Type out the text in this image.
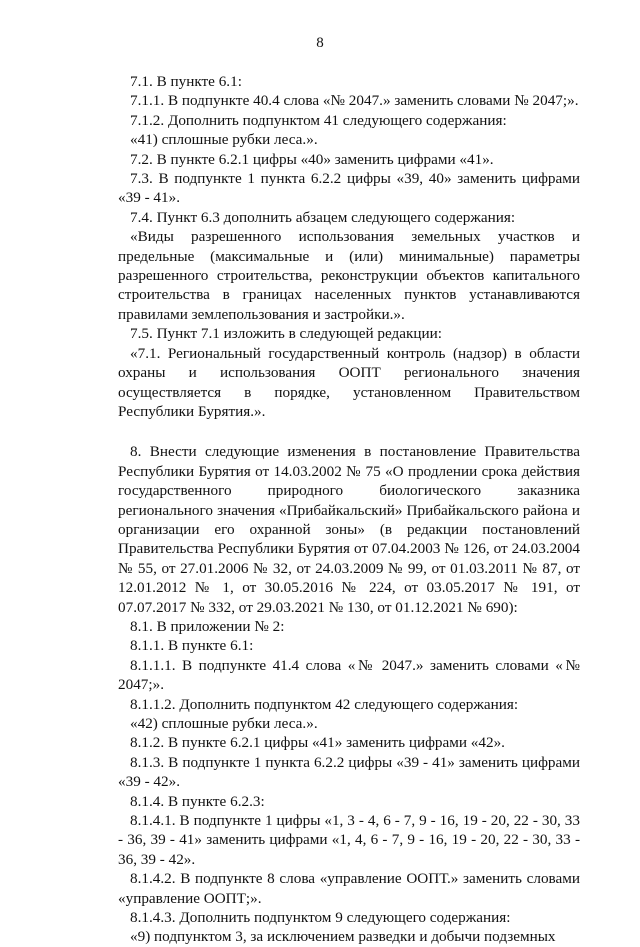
8

7.1. В пункте 6.1:

7.1.1. В подпункте 40.4 слова «№ 2047.» заменить словами № 2047;».

7.1.2. Дополнить подпунктом 41 следующего содержания:

«41) сплошные рубки леса.».

7.2. В пункте 6.2.1 цифры «40» заменить цифрами «41».

7.3. В подпункте 1 пункта 6.2.2 цифры «39, 40» заменить цифрами «39 - 41».

7.4. Пункт 6.3 дополнить абзацем следующего содержания:

«Виды разрешенного использования земельных участков и предельные (максимальные и (или) минимальные) параметры разрешенного строительства, реконструкции объектов капитального строительства в границах населенных пунктов устанавливаются правилами землепользования и застройки.».

7.5. Пункт 7.1 изложить в следующей редакции:

«7.1. Региональный государственный контроль (надзор) в области охраны и использования ООПТ регионального значения осуществляется в порядке, установленном Правительством Республики Бурятия.».

8. Внести следующие изменения в постановление Правительства Республики Бурятия от 14.03.2002 № 75 «О продлении срока действия государственного природного биологического заказника регионального значения «Прибайкальский» Прибайкальского района и организации его охранной зоны» (в редакции постановлений Правительства Республики Бурятия от 07.04.2003 № 126, от 24.03.2004 № 55, от 27.01.2006 № 32, от 24.03.2009 № 99, от 01.03.2011 № 87, от 12.01.2012 № 1, от 30.05.2016 № 224, от 03.05.2017 № 191, от 07.07.2017 № 332, от 29.03.2021 № 130, от 01.12.2021 № 690):

8.1. В приложении № 2:

8.1.1. В пункте 6.1:

8.1.1.1. В подпункте 41.4 слова «№ 2047.» заменить словами «№ 2047;».

8.1.1.2. Дополнить подпунктом 42 следующего содержания:

«42) сплошные рубки леса.».

8.1.2. В пункте 6.2.1 цифры «41» заменить цифрами «42».

8.1.3. В подпункте 1 пункта 6.2.2 цифры «39 - 41» заменить цифрами «39 - 42».

8.1.4. В пункте 6.2.3:

8.1.4.1. В подпункте 1 цифры «1, 3 - 4, 6 - 7, 9 - 16, 19 - 20, 22 - 30, 33 - 36, 39 - 41» заменить цифрами «1, 4, 6 - 7, 9 - 16, 19 - 20, 22 - 30, 33 - 36, 39 - 42».

8.1.4.2. В подпункте 8 слова «управление ООПТ.» заменить словами «управление ООПТ;».

8.1.4.3. Дополнить подпунктом 9 следующего содержания:

«9) подпунктом 3, за исключением разведки и добычи подземных
